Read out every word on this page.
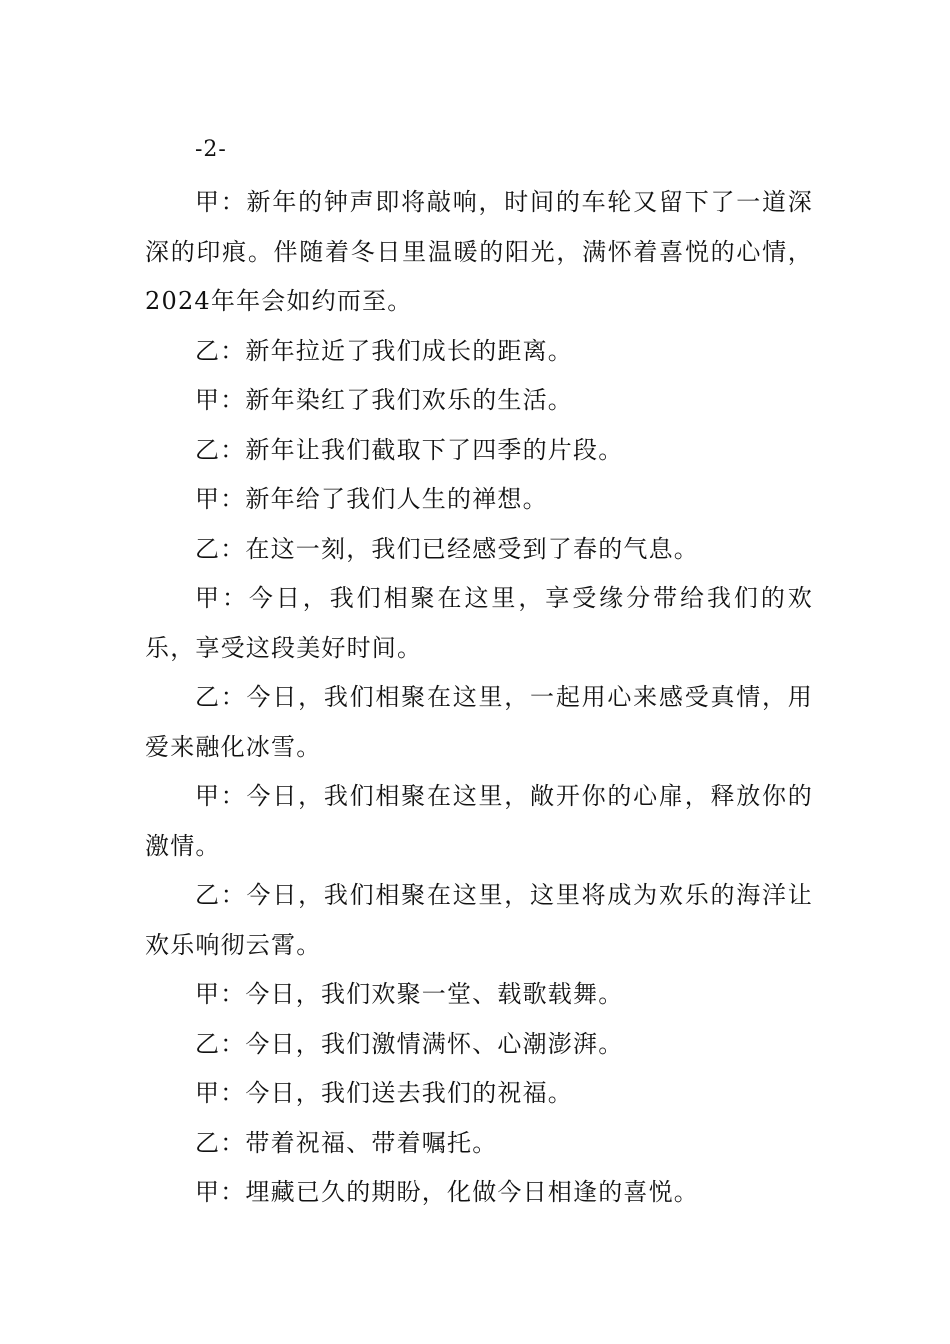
-2-

甲：新年的钟声即将敲响，时间的车轮又留下了一道深深的印痕。伴随着冬日里温暖的阳光，满怀着喜悦的心情，2024年年会如约而至。

乙：新年拉近了我们成长的距离。

甲：新年染红了我们欢乐的生活。

乙：新年让我们截取下了四季的片段。

甲：新年给了我们人生的禅想。

乙：在这一刻，我们已经感受到了春的气息。

甲：今日，我们相聚在这里，享受缘分带给我们的欢乐，享受这段美好时间。

乙：今日，我们相聚在这里，一起用心来感受真情，用爱来融化冰雪。

甲：今日，我们相聚在这里，敞开你的心扉，释放你的激情。

乙：今日，我们相聚在这里，这里将成为欢乐的海洋让欢乐响彻云霄。

甲：今日，我们欢聚一堂、载歌载舞。

乙：今日，我们激情满怀、心潮澎湃。

甲：今日，我们送去我们的祝福。

乙：带着祝福、带着嘱托。

甲：埋藏已久的期盼，化做今日相逢的喜悦。
